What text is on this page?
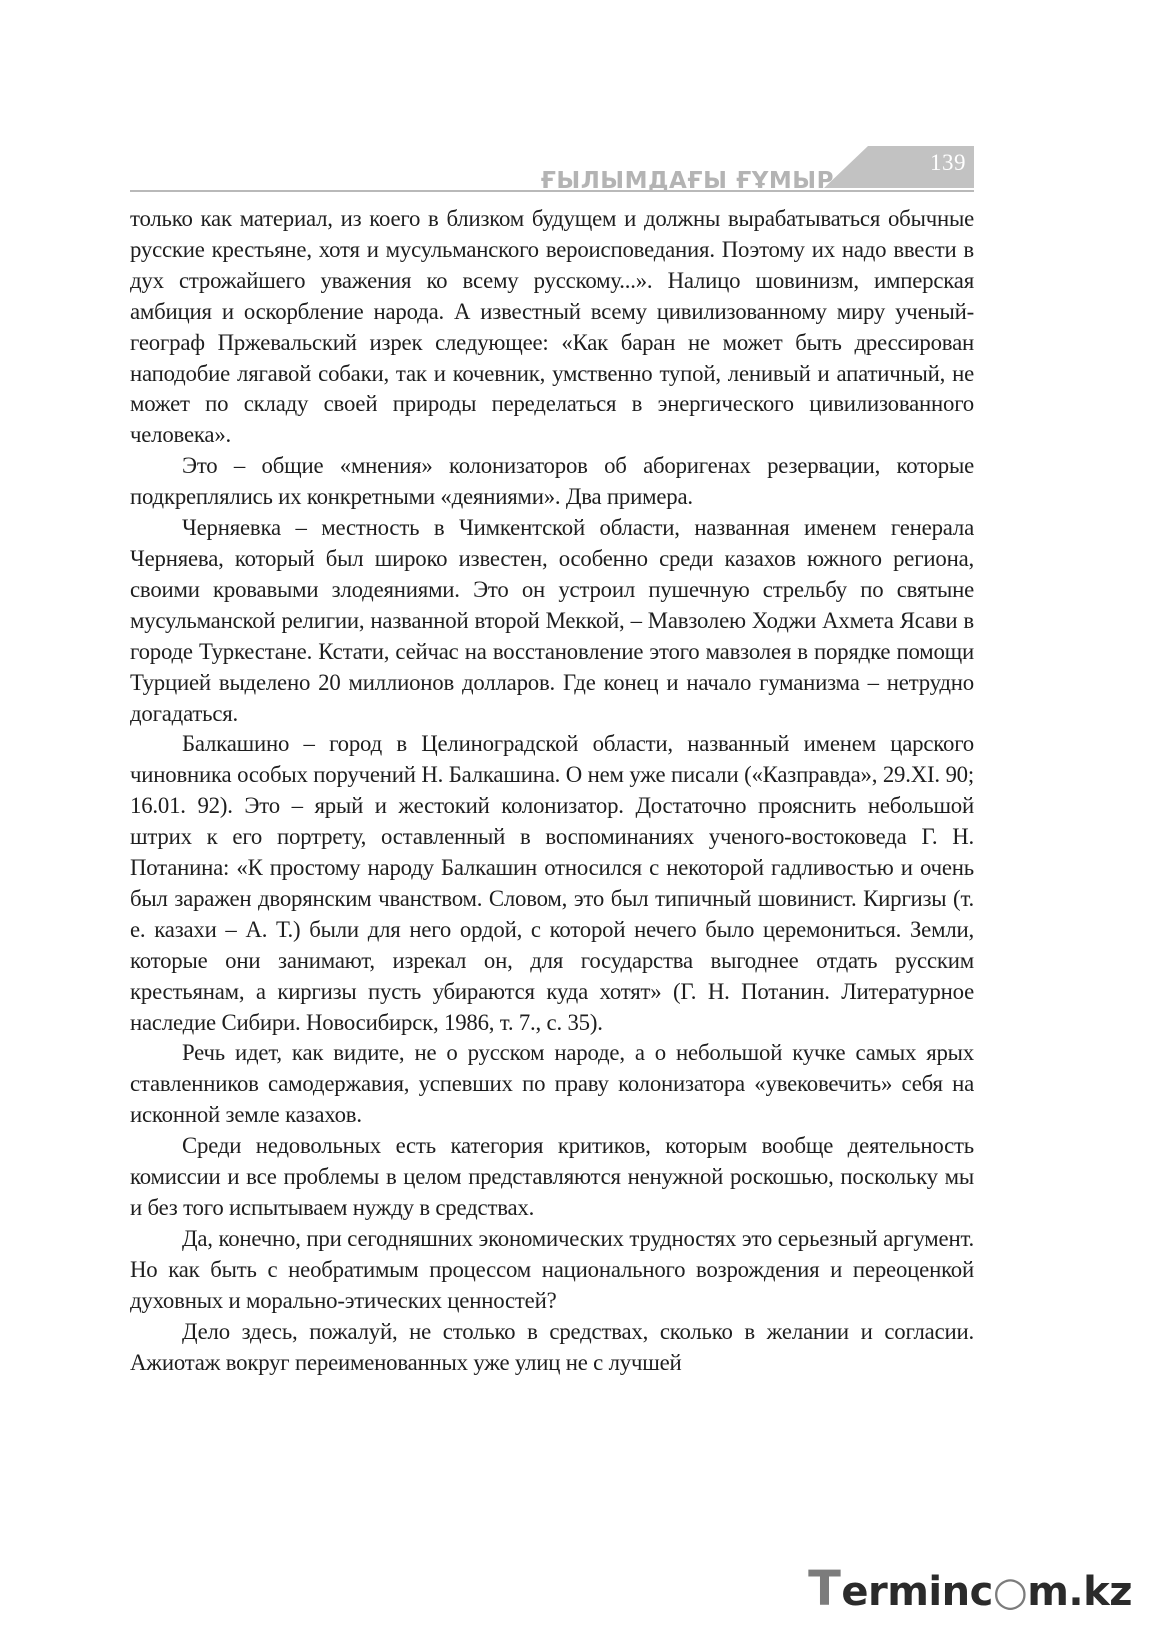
ҒЫЛЫМДАҒЫ ҒҰМЫР
139

только как материал, из коего в близком будущем и должны вырабатываться обычные русские крестьяне, хотя и мусульманского вероисповедания. Поэтому их надо ввести в дух строжайшего уважения ко всему русскому...». Налицо шовинизм, имперская амбиция и оскорбление народа. А известный всему цивилизованному миру ученый-географ Пржевальский изрек следующее: «Как баран не может быть дрессирован наподобие лягавой собаки, так и кочевник, умственно тупой, ленивый и апатичный, не может по складу своей природы переделаться в энергического цивилизованного человека».

Это – общие «мнения» колонизаторов об аборигенах резервации, которые подкреплялись их конкретными «деяниями». Два примера.

Черняевка – местность в Чимкентской области, названная именем генерала Черняева, который был широко известен, особенно среди казахов южного региона, своими кровавыми злодеяниями. Это он устроил пушечную стрельбу по святыне мусульманской религии, названной второй Меккой, – Мавзолею Ходжи Ахмета Ясави в городе Туркестане. Кстати, сейчас на восстановление этого мавзолея в порядке помощи Турцией выделено 20 миллионов долларов. Где конец и начало гуманизма – нетрудно догадаться.

Балкашино – город в Целиноградской области, названный именем царского чиновника особых поручений Н. Балкашина. О нем уже писали («Казправда», 29.XI. 90; 16.01. 92). Это – ярый и жестокий колонизатор. Достаточно прояснить небольшой штрих к его портрету, оставленный в воспоминаниях ученого-востоковеда Г. Н. Потанина: «К простому народу Балкашин относился с некоторой гадливостью и очень был заражен дворянским чванством. Словом, это был типичный шовинист. Киргизы (т. е. казахи – А. Т.) были для него ордой, с которой нечего было церемониться. Земли, которые они занимают, изрекал он, для государства выгоднее отдать русским крестьянам, а киргизы пусть убираются куда хотят» (Г. Н. Потанин. Литературное наследие Сибири. Новосибирск, 1986, т. 7., с. 35).

Речь идет, как видите, не о русском народе, а о небольшой кучке самых ярых ставленников самодержавия, успевших по праву колонизатора «увековечить» себя на исконной земле казахов.

Среди недовольных есть категория критиков, которым вообще деятельность комиссии и все проблемы в целом представляются ненужной роскошью, поскольку мы и без того испытываем нужду в средствах.

Да, конечно, при сегодняшних экономических трудностях это серьезный аргумент. Но как быть с необратимым процессом национального возрождения и переоценкой духовных и морально-этических ценностей?

Дело здесь, пожалуй, не столько в средствах, сколько в желании и согласии. Ажиотаж вокруг переименованных уже улиц не с лучшей

Terminc○m.kz
